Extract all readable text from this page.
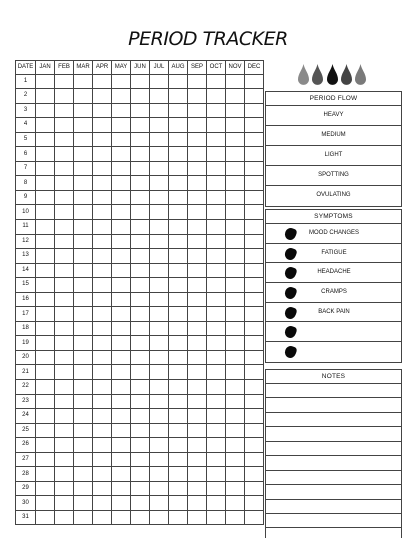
PERIOD TRACKER
DATE	JAN	FEB	MAR	APR	MAY	JUN	JUL	AUG	SEP	OCT	NOV	DEC
1												
2												
3												
4												
5												
6												
7												
8												
9												
10												
11												
12												
13												
14												
15												
16												
17												
18												
19												
20												
21												
22												
23												
24												
25												
26												
27												
28												
29												
30												
31												
PERIOD FLOW
HEAVY
MEDIUM
LIGHT
SPOTTING
OVULATING
SYMPTOMS
MOOD CHANGES
FATIGUE
HEADACHE
CRAMPS
BACK PAIN
NOTES
